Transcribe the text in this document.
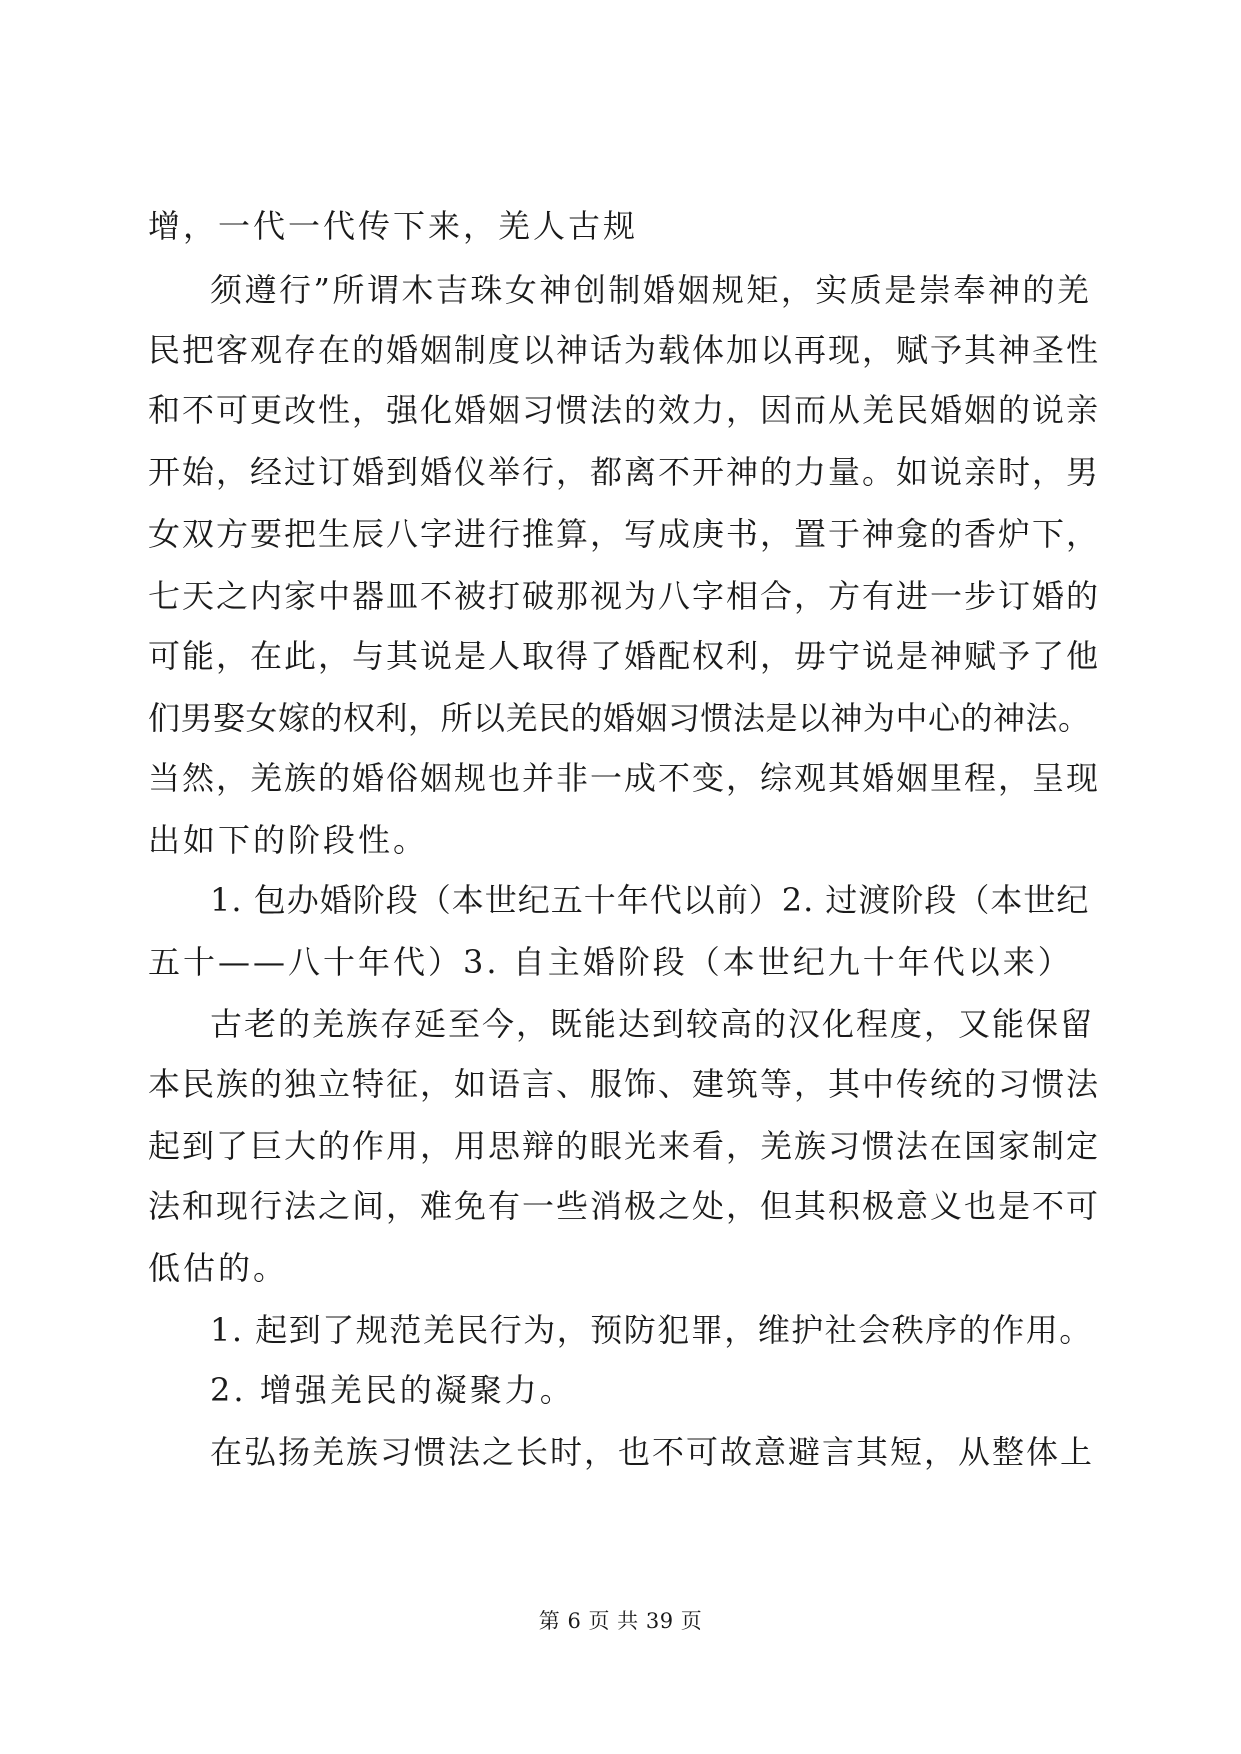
增，一代一代传下来，羌人古规
须遵行”所谓木吉珠女神创制婚姻规矩，实质是崇奉神的羌
民把客观存在的婚姻制度以神话为载体加以再现，赋予其神圣性
和不可更改性，强化婚姻习惯法的效力，因而从羌民婚姻的说亲
开始，经过订婚到婚仪举行，都离不开神的力量。如说亲时，男
女双方要把生辰八字进行推算，写成庚书，置于神龛的香炉下，
七天之内家中器皿不被打破那视为八字相合，方有进一步订婚的
可能，在此，与其说是人取得了婚配权利，毋宁说是神赋予了他
们男娶女嫁的权利，所以羌民的婚姻习惯法是以神为中心的神法。
当然，羌族的婚俗姻规也并非一成不变，综观其婚姻里程，呈现
出如下的阶段性。
1. 包办婚阶段（本世纪五十年代以前）2. 过渡阶段（本世纪
五十——八十年代）3. 自主婚阶段（本世纪九十年代以来）
古老的羌族存延至今，既能达到较高的汉化程度，又能保留
本民族的独立特征，如语言、服饰、建筑等，其中传统的习惯法
起到了巨大的作用，用思辩的眼光来看，羌族习惯法在国家制定
法和现行法之间，难免有一些消极之处，但其积极意义也是不可
低估的。
1. 起到了规范羌民行为，预防犯罪，维护社会秩序的作用。
2. 增强羌民的凝聚力。
在弘扬羌族习惯法之长时，也不可故意避言其短，从整体上
第 6 页 共 39 页
